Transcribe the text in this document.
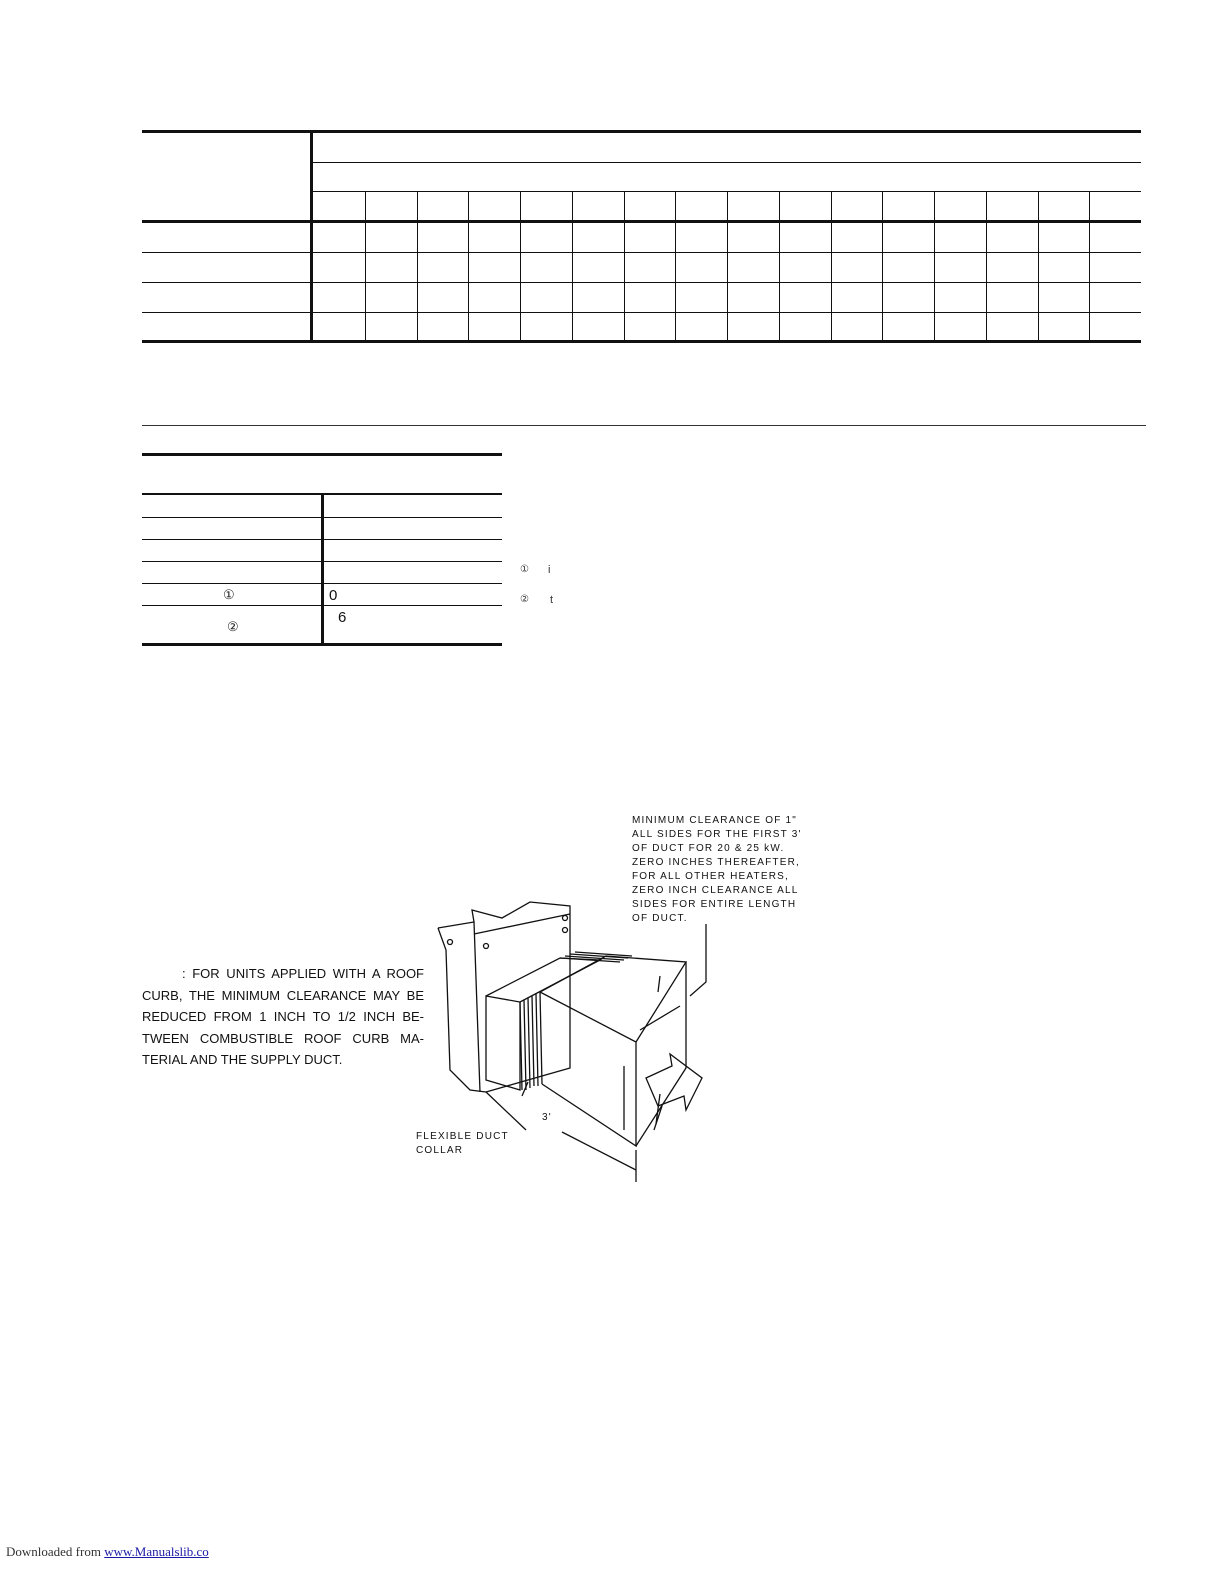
①	0
②
6
① i
② t
: FOR UNITS APPLIED WITH A ROOF
CURB, THE MINIMUM CLEARANCE MAY BE
REDUCED FROM 1 INCH TO 1/2 INCH BE-
TWEEN COMBUSTIBLE ROOF CURB MA-
TERIAL AND THE SUPPLY DUCT.
MINIMUM CLEARANCE OF 1"
ALL SIDES FOR THE FIRST 3'
OF DUCT FOR 20 & 25 kW.
ZERO INCHES THEREAFTER,
FOR ALL OTHER HEATERS,
ZERO INCH CLEARANCE ALL
SIDES FOR ENTIRE LENGTH
OF DUCT.
3'
FLEXIBLE DUCT
COLLAR
Downloaded from www.Manualslib.co
